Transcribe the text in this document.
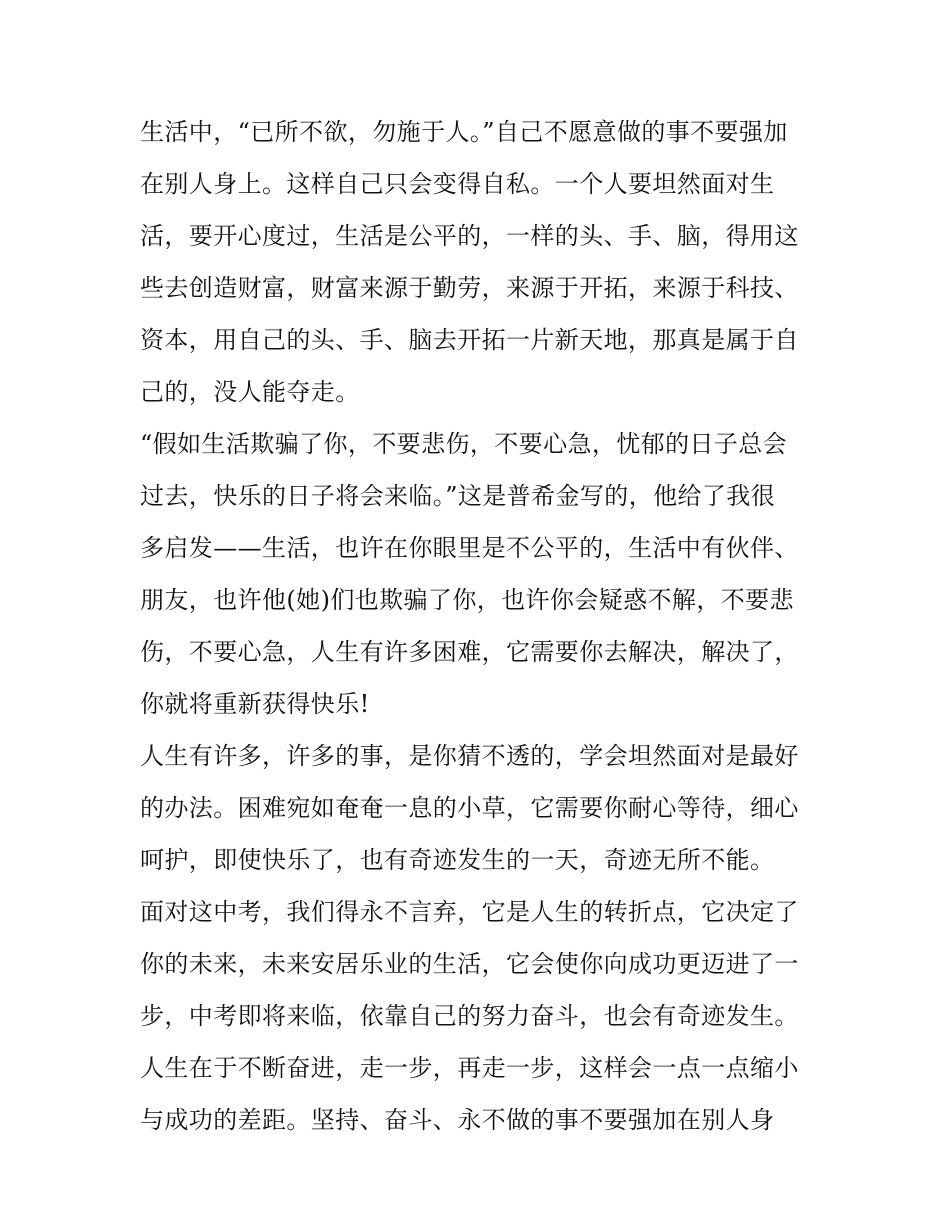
生活中，“已所不欲，勿施于人。”自己不愿意做的事不要强加
在别人身上。这样自己只会变得自私。一个人要坦然面对生
活，要开心度过，生活是公平的，一样的头、手、脑，得用这
些去创造财富，财富来源于勤劳，来源于开拓，来源于科技、
资本，用自己的头、手、脑去开拓一片新天地，那真是属于自
己的，没人能夺走。
“假如生活欺骗了你，不要悲伤，不要心急，忧郁的日子总会
过去，快乐的日子将会来临。”这是普希金写的，他给了我很
多启发——生活，也许在你眼里是不公平的，生活中有伙伴、
朋友，也许他(她)们也欺骗了你，也许你会疑惑不解，不要悲
伤，不要心急，人生有许多困难，它需要你去解决，解决了，
你就将重新获得快乐!
人生有许多，许多的事，是你猜不透的，学会坦然面对是最好
的办法。困难宛如奄奄一息的小草，它需要你耐心等待，细心
呵护，即使快乐了，也有奇迹发生的一天，奇迹无所不能。
面对这中考，我们得永不言弃，它是人生的转折点，它决定了
你的未来，未来安居乐业的生活，它会使你向成功更迈进了一
步，中考即将来临，依靠自己的努力奋斗，也会有奇迹发生。
人生在于不断奋进，走一步，再走一步，这样会一点一点缩小
与成功的差距。坚持、奋斗、永不做的事不要强加在别人身
